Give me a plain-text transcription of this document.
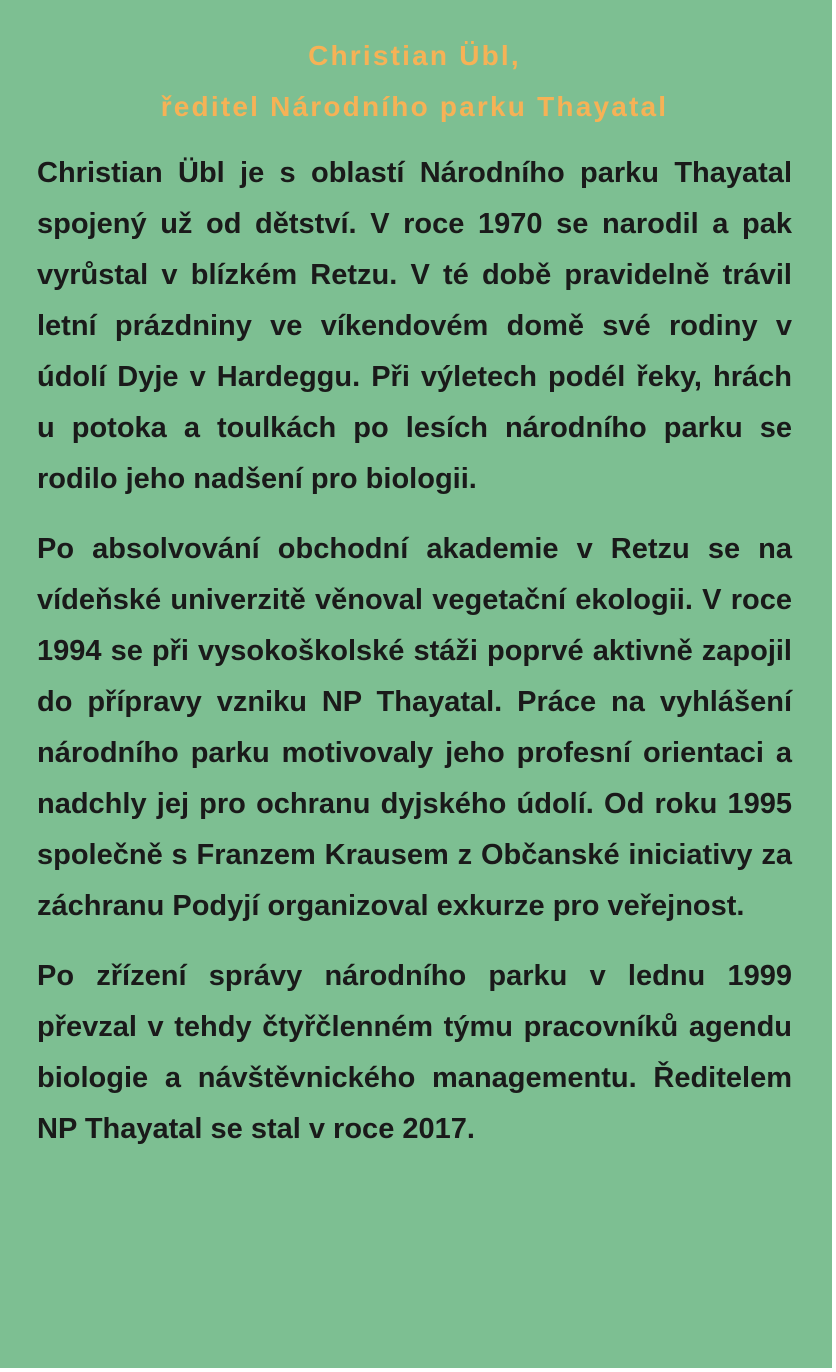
Christian Übl,
ředitel Národního parku Thayatal

Christian Übl je s oblastí Národního parku Thayatal spojený už od dětství. V roce 1970 se narodil a pak vyrůstal v blízkém Retzu. V té době pravidelně trávil letní prázdniny ve víkendovém domě své rodiny v údolí Dyje v Hardeggu. Při výletech podél řeky, hrách u potoka a toulkách po lesích národního parku se rodilo jeho nadšení pro biologii.

Po absolvování obchodní akademie v Retzu se na vídeňské univerzitě věnoval vegetační ekologii. V roce 1994 se při vysokoškolské stáži poprvé aktivně zapojil do přípravy vzniku NP Thayatal. Práce na vyhlášení národního parku motivovaly jeho profesní orientaci a nadchly jej pro ochranu dyjského údolí. Od roku 1995 společně s Franzem Krausem z Občanské iniciativy za záchranu Podyjí organizoval exkurze pro veřejnost.

Po zřízení správy národního parku v lednu 1999 převzal v tehdy čtyřčlenném týmu pracovníků agendu biologie a návštěvnického managementu. Ředitelem NP Thayatal se stal v roce 2017.
